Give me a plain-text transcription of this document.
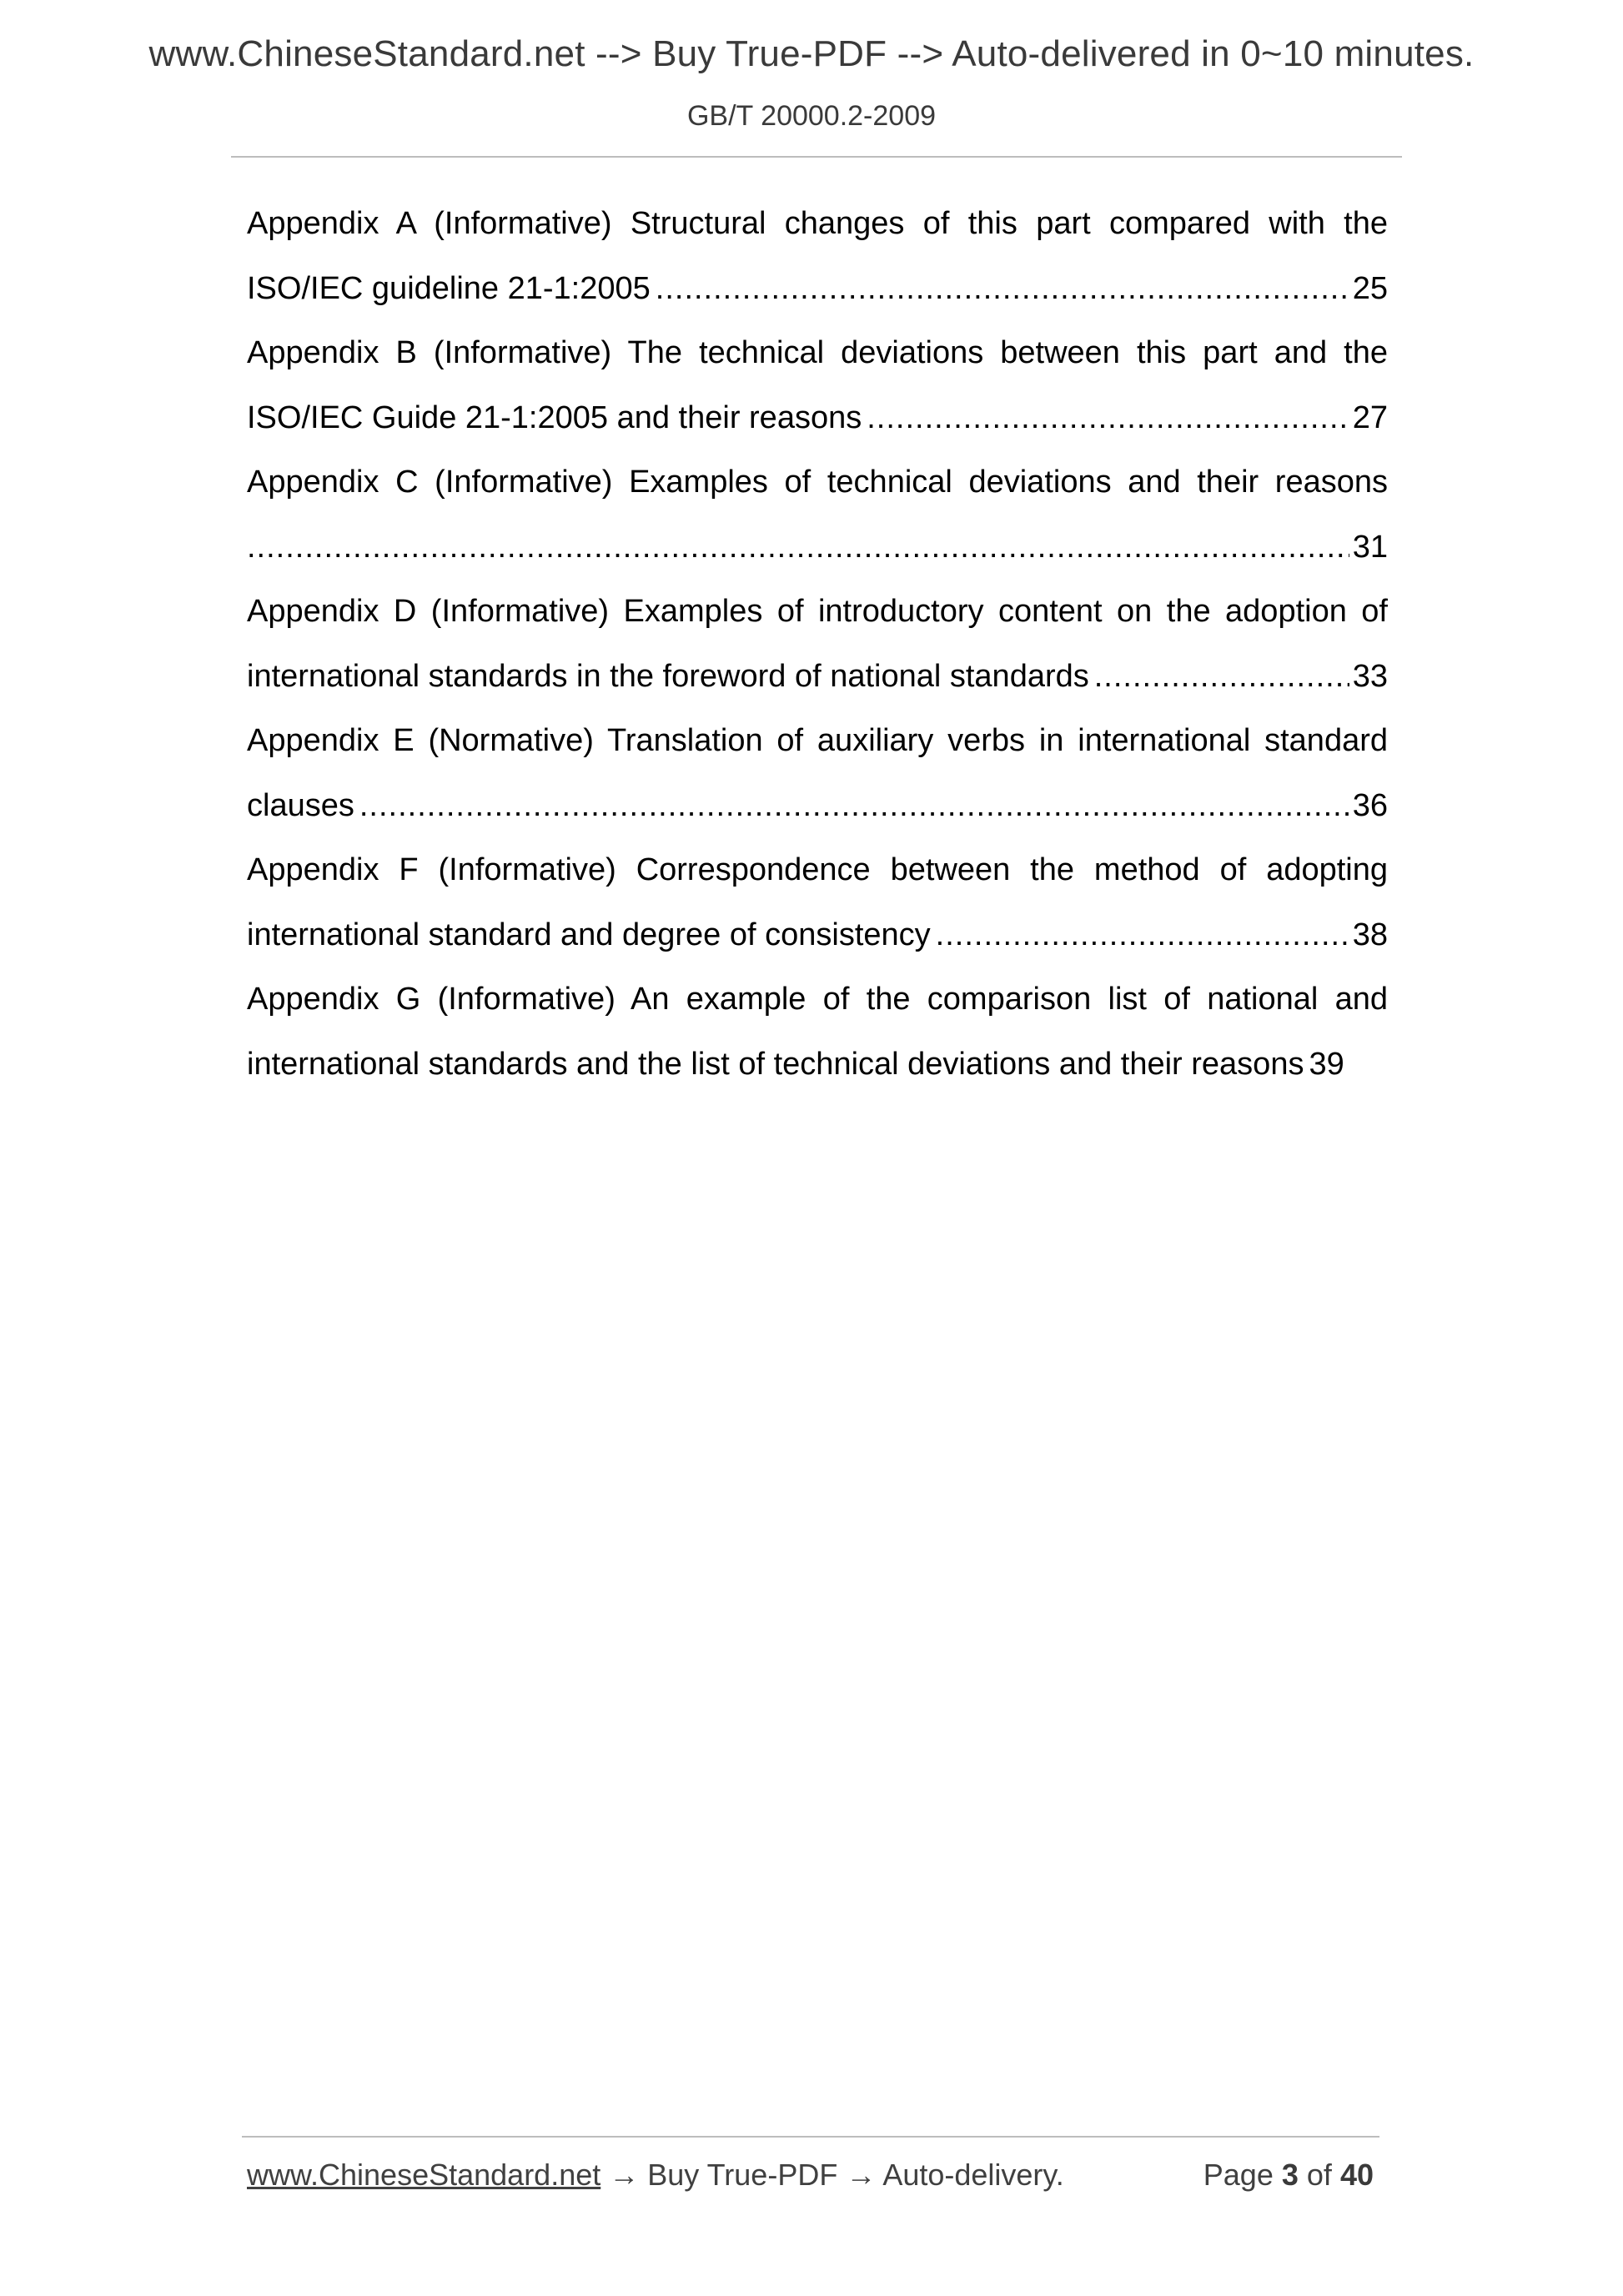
www.ChineseStandard.net --> Buy True-PDF --> Auto-delivered in 0~10 minutes.
GB/T 20000.2-2009
Appendix A (Informative) Structural changes of this part compared with the
ISO/IEC guideline 21-1:2005 .....	25
Appendix B (Informative) The technical deviations between this part and the
ISO/IEC Guide 21-1:2005 and their reasons .....	27
Appendix C (Informative) Examples of technical deviations and their reasons
.....
31
Appendix D (Informative) Examples of introductory content on the adoption of
international standards in the foreword of national standards .....	33
Appendix E (Normative) Translation of auxiliary verbs in international standard
clauses .....	36
Appendix F (Informative) Correspondence between the method of adopting
international standard and degree of consistency .....	38
Appendix G (Informative) An example of the comparison list of national and
international standards and the list of technical deviations and their reasons 39
www.ChineseStandard.net → Buy True-PDF → Auto-delivery.	Page 3 of 40
